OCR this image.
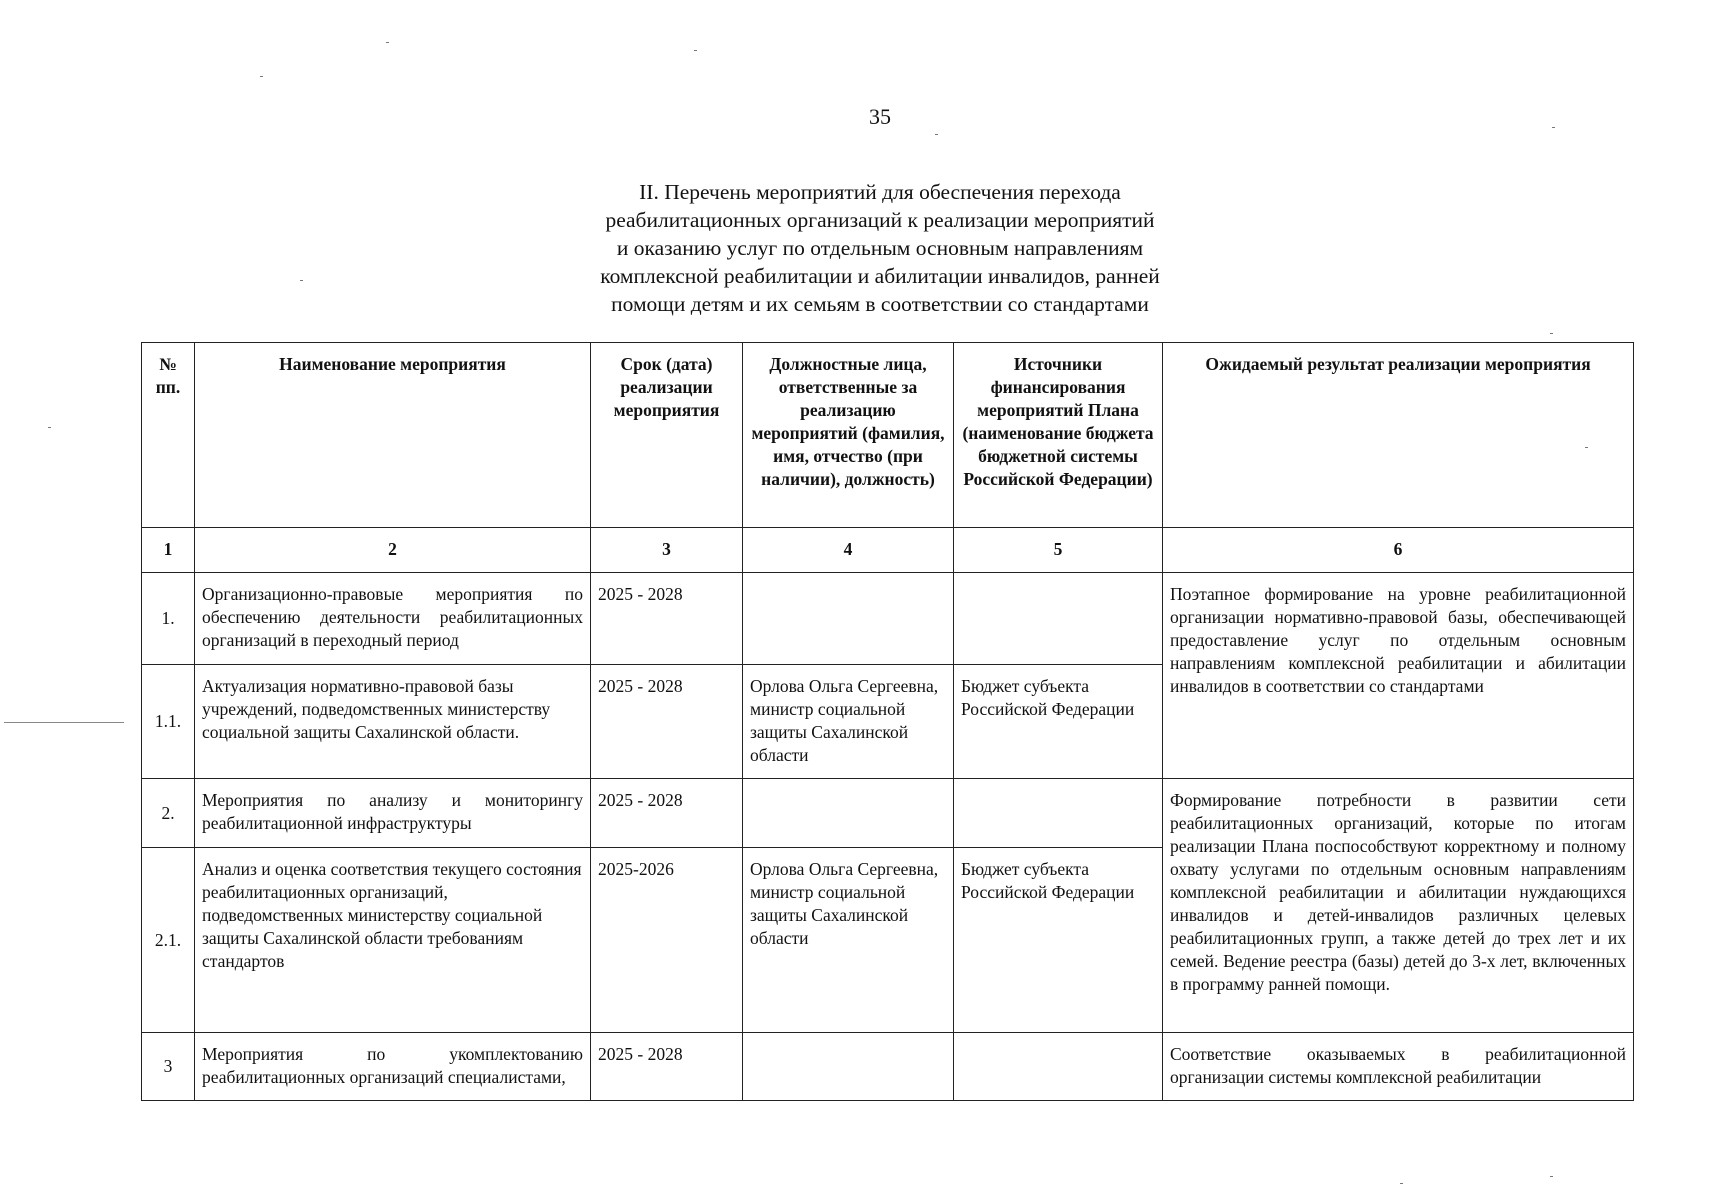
35
II. Перечень мероприятий для обеспечения перехода
реабилитационных организаций к реализации мероприятий
и оказанию услуг по отдельным основным направлениям
комплексной реабилитации и абилитации инвалидов, ранней
помощи детям и их семьям в соответствии со стандартами
№ пп.	Наименование мероприятия	Срок (дата) реализации мероприятия	Должностные лица, ответственные за реализацию мероприятий (фамилия, имя, отчество (при наличии), должность)	Источники финансирования мероприятий Плана (наименование бюджета бюджетной системы Российской Федерации)	Ожидаемый результат реализации мероприятия
1	2	3	4	5	6
1.	Организационно-правовые мероприятия по обеспечению деятельности реабилитационных организаций в переходный период	2025 - 2028			Поэтапное формирование на уровне реабилитационной организации нормативно-правовой базы, обеспечивающей предоставление услуг по отдельным основным направлениям комплексной реабилитации и абилитации инвалидов в соответствии со стандартами
1.1.	Актуализация нормативно-правовой базы учреждений, подведомственных министерству социальной защиты Сахалинской области.	2025 - 2028	Орлова Ольга Сергеевна, министр социальной защиты Сахалинской области	Бюджет субъекта Российской Федерации	
2.	Мероприятия по анализу и мониторингу реабилитационной инфраструктуры	2025 - 2028			Формирование потребности в развитии сети реабилитационных организаций, которые по итогам реализации Плана поспособствуют корректному и полному охвату услугами по отдельным основным направлениям комплексной реабилитации и абилитации нуждающихся инвалидов и детей-инвалидов различных целевых реабилитационных групп, а также детей до трех лет и их семей. Ведение реестра (базы) детей до 3-х лет, включенных в программу ранней помощи.
2.1.	Анализ и оценка соответствия текущего состояния реабилитационных организаций, подведомственных министерству социальной защиты Сахалинской области требованиям стандартов	2025-2026	Орлова Ольга Сергеевна, министр социальной защиты Сахалинской области	Бюджет субъекта Российской Федерации	
3	Мероприятия по укомплектованию реабилитационных организаций специалистами,	2025 - 2028			Соответствие оказываемых в реабилитационной организации системы комплексной реабилитации
